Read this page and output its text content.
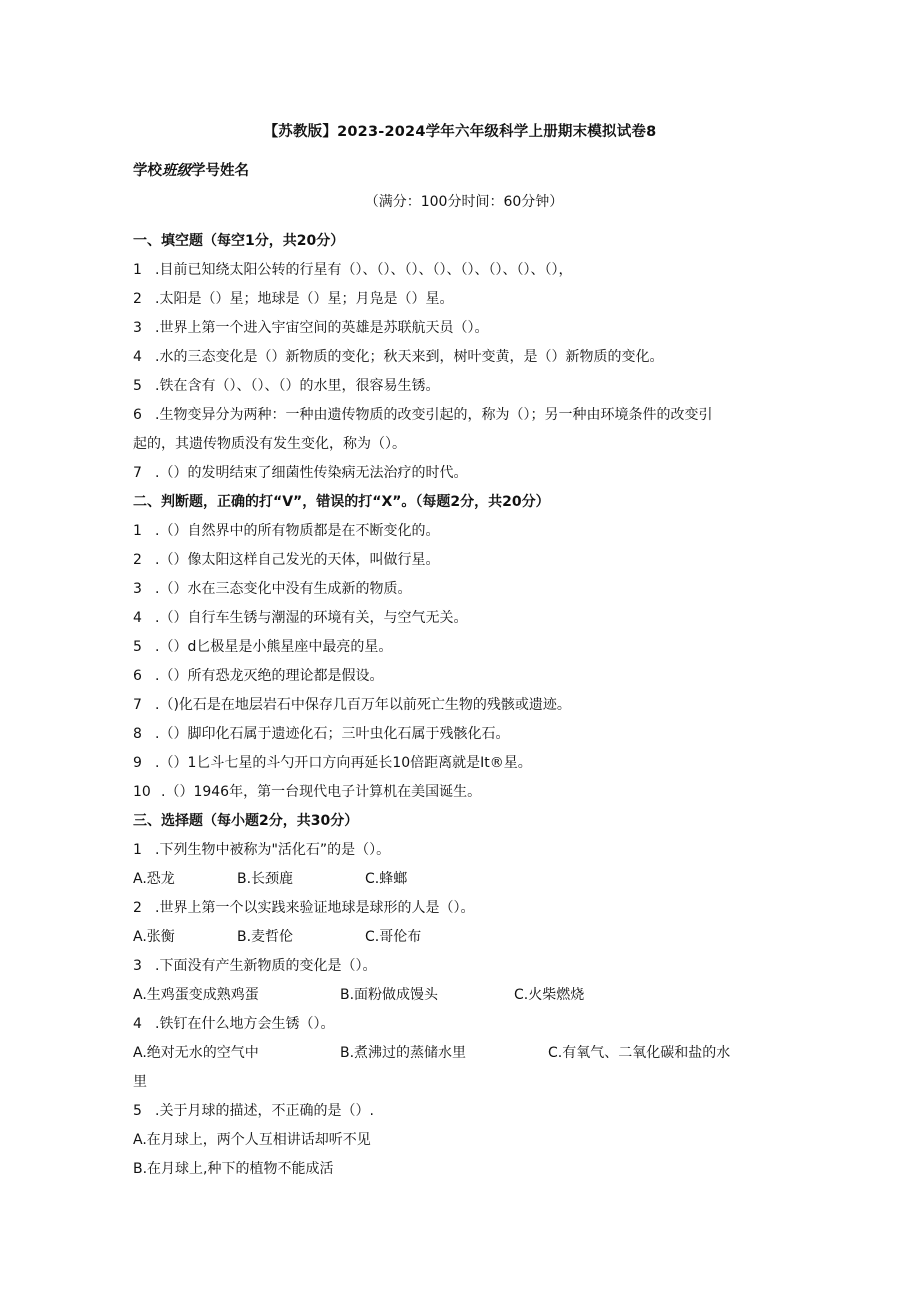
【苏教版】2023-2024学年六年级科学上册期末模拟试卷8
学校班级学号姓名
（满分：100分时间：60分钟）
一、填空题（每空1分，共20分）
1 .目前已知绕太阳公转的行星有（）、（）、（）、（）、（）、（）、（）、（），
2 .太阳是（）星；地球是（）星；月凫是（）星。
3 .世界上第一个进入宇宙空间的英雄是苏联航天员（）。
4 .水的三态变化是（）新物质的变化；秋天来到，树叶变黄，是（）新物质的变化。
5 .铁在含有（）、（）、（）的水里，很容易生锈。
6 .生物变异分为两种：一种由遗传物质的改变引起的，称为（）；另一种由环境条件的改变引
起的，其遗传物质没有发生变化，称为（）。
7 .（）的发明结束了细菌性传染病无法治疗的时代。
二、判断题，正确的打“V”，错误的打“X”。（每题2分，共20分）
1 .（）自然界中的所有物质都是在不断变化的。
2 .（）像太阳这样自己发光的天体，叫做行星。
3 .（）水在三态变化中没有生成新的物质。
4 .（）自行车生锈与潮湿的环境有关，与空气无关。
5 .（）d匕极星是小熊星座中最亮的星。
6 .（）所有恐龙灭绝的理论都是假设。
7 .（)化石是在地层岩石中保存几百万年以前死亡生物的残骸或遗迹。
8 .（）脚印化石属于遗迹化石；三叶虫化石属于残骸化石。
9 .（）1匕斗七星的斗勺开口方向再延长10倍距离就是It®星。
10 .（）1946年，第一台现代电子计算机在美国诞生。
三、选择题（每小题2分，共30分）
1 .下列生物中被称为"活化石”的是（）。
A.恐龙	B.长颈鹿	C.蜂螂
2 .世界上第一个以实践来验证地球是球形的人是（）。
A.张衡	B.麦哲伦	C.哥伦布
3 .下面没有产生新物质的变化是（）。
A.生鸡蛋变成熟鸡蛋	B.面粉做成馒头	C.火柴燃烧
4 .铁钉在什么地方会生锈（）。
A.绝对无水的空气中	B.煮沸过的蒸储水里	C.有氧气、二氧化碳和盐的水
里
5 .关于月球的描述，不正确的是（）.
A.在月球上，两个人互相讲话却听不见
B.在月球上,种下的植物不能成活
